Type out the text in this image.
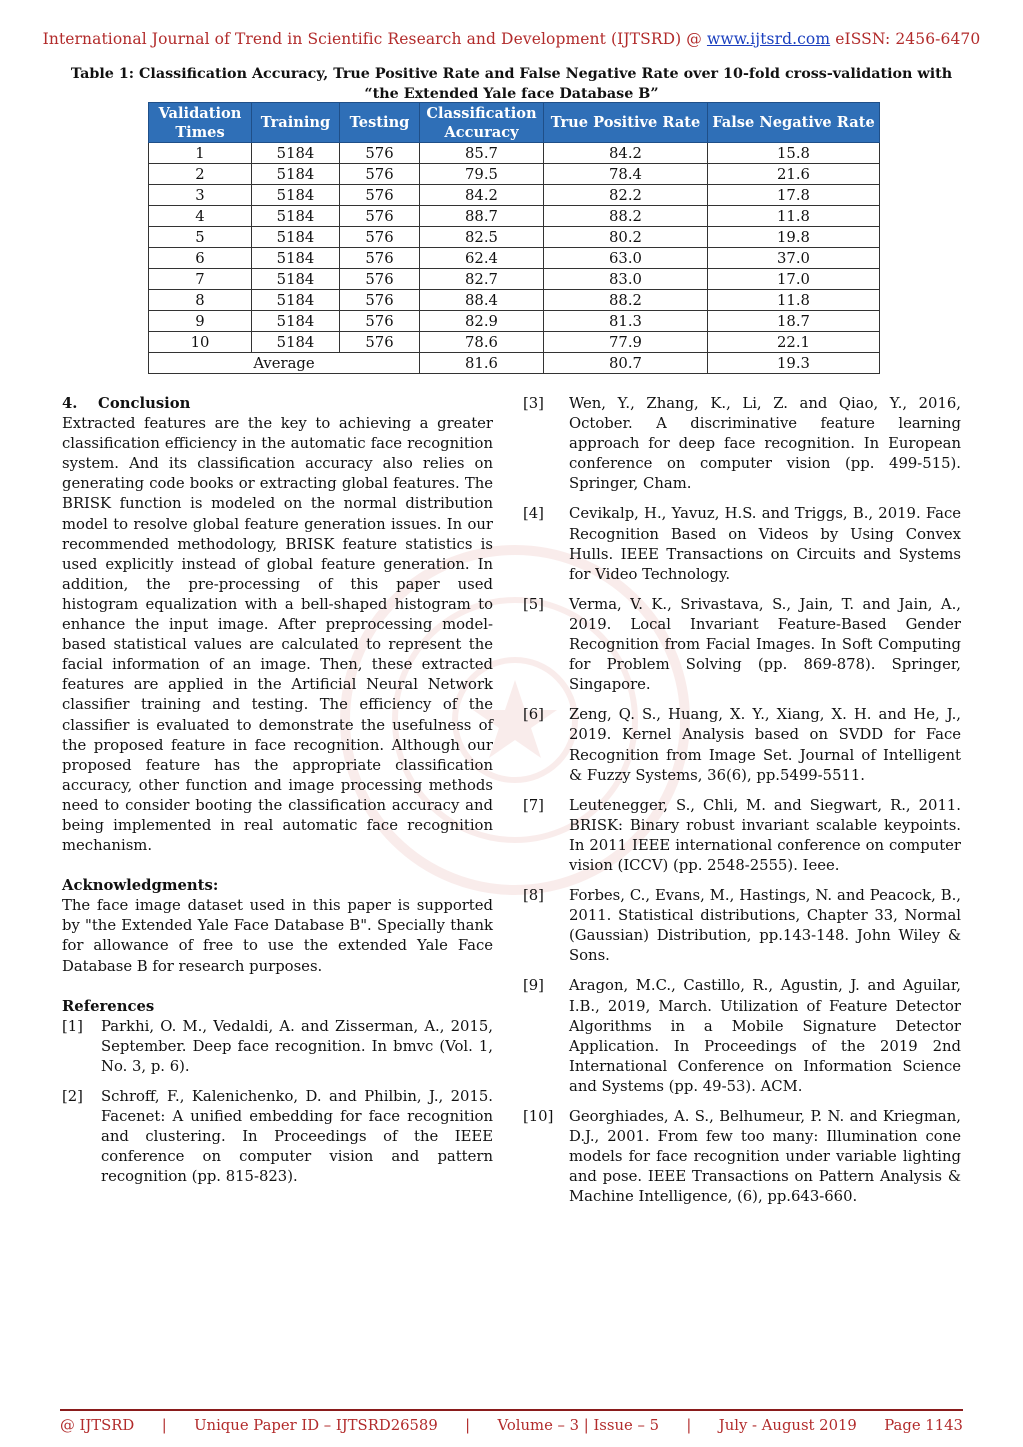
International Journal of Trend in Scientific Research and Development (IJTSRD) @ www.ijtsrd.com eISSN: 2456-6470
Table 1: Classification Accuracy, True Positive Rate and False Negative Rate over 10-fold cross-validation with
“the Extended Yale face Database B”
Validation Times	Training	Testing	Classification Accuracy	True Positive Rate	False Negative Rate
1	5184	576	85.7	84.2	15.8
2	5184	576	79.5	78.4	21.6
3	5184	576	84.2	82.2	17.8
4	5184	576	88.7	88.2	11.8
5	5184	576	82.5	80.2	19.8
6	5184	576	62.4	63.0	37.0
7	5184	576	82.7	83.0	17.0
8	5184	576	88.4	88.2	11.8
9	5184	576	82.9	81.3	18.7
10	5184	576	78.6	77.9	22.1
Average			81.6	80.7	19.3
4.    Conclusion

Extracted features are the key to achieving a greater classification efficiency in the automatic face recognition system. And its classification accuracy also relies on generating code books or extracting global features. The BRISK function is modeled on the normal distribution model to resolve global feature generation issues. In our recommended methodology, BRISK feature statistics is used explicitly instead of global feature generation. In addition, the pre-processing of this paper used histogram equalization with a bell-shaped histogram to enhance the input image. After preprocessing model-based statistical values are calculated to represent the facial information of an image. Then, these extracted features are applied in the Artificial Neural Network classifier training and testing. The efficiency of the classifier is evaluated to demonstrate the usefulness of the proposed feature in face recognition. Although our proposed feature has the appropriate classification accuracy, other function and image processing methods need to consider booting the classification accuracy and being implemented in real automatic face recognition mechanism.

Acknowledgments:

The face image dataset used in this paper is supported by "the Extended Yale Face Database B". Specially thank for allowance of free to use the extended Yale Face Database B for research purposes.

References
[1] Parkhi, O. M., Vedaldi, A. and Zisserman, A., 2015, September. Deep face recognition. In bmvc (Vol. 1, No. 3, p. 6).

[2] Schroff, F., Kalenichenko, D. and Philbin, J., 2015. Facenet: A unified embedding for face recognition and clustering. In Proceedings of the IEEE conference on computer vision and pattern recognition (pp. 815-823).

[3] Wen, Y., Zhang, K., Li, Z. and Qiao, Y., 2016, October. A discriminative feature learning approach for deep face recognition. In European conference on computer vision (pp. 499-515). Springer, Cham.

[4] Cevikalp, H., Yavuz, H.S. and Triggs, B., 2019. Face Recognition Based on Videos by Using Convex Hulls. IEEE Transactions on Circuits and Systems for Video Technology.

[5] Verma, V. K., Srivastava, S., Jain, T. and Jain, A., 2019. Local Invariant Feature-Based Gender Recognition from Facial Images. In Soft Computing for Problem Solving (pp. 869-878). Springer, Singapore.

[6] Zeng, Q. S., Huang, X. Y., Xiang, X. H. and He, J., 2019. Kernel Analysis based on SVDD for Face Recognition from Image Set. Journal of Intelligent & Fuzzy Systems, 36(6), pp.5499-5511.

[7] Leutenegger, S., Chli, M. and Siegwart, R., 2011. BRISK: Binary robust invariant scalable keypoints. In 2011 IEEE international conference on computer vision (ICCV) (pp. 2548-2555). Ieee.

[8] Forbes, C., Evans, M., Hastings, N. and Peacock, B., 2011. Statistical distributions, Chapter 33, Normal (Gaussian) Distribution, pp.143-148. John Wiley & Sons.

[9] Aragon, M.C., Castillo, R., Agustin, J. and Aguilar, I.B., 2019, March. Utilization of Feature Detector Algorithms in a Mobile Signature Detector Application. In Proceedings of the 2019 2nd International Conference on Information Science and Systems (pp. 49-53). ACM.

[10] Georghiades, A. S., Belhumeur, P. N. and Kriegman, D.J., 2001. From few too many: Illumination cone models for face recognition under variable lighting and pose. IEEE Transactions on Pattern Analysis & Machine Intelligence, (6), pp.643-660.

@ IJTSRD | Unique Paper ID – IJTSRD26589 | Volume – 3 | Issue – 5 | July - August 2019 Page 1143
